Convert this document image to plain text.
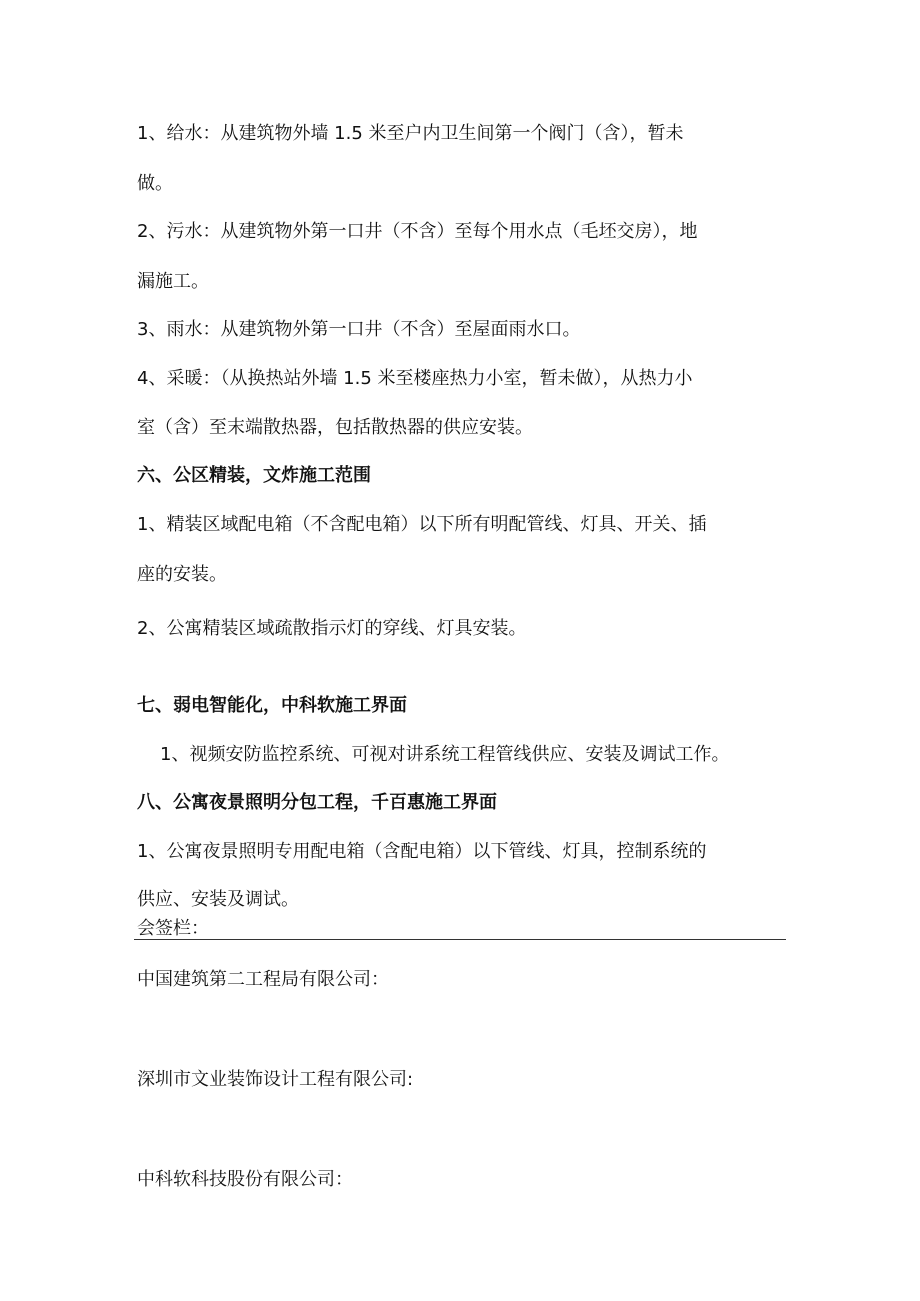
1、给水：从建筑物外墙 1.5 米至户内卫生间第一个阀门（含），暂未
做。
2、污水：从建筑物外第一口井（不含）至每个用水点（毛坯交房），地
漏施工。
3、雨水：从建筑物外第一口井（不含）至屋面雨水口。
4、采暖：（从换热站外墙 1.5 米至楼座热力小室，暂未做），从热力小
室（含）至末端散热器，包括散热器的供应安装。
六、公区精装，文炸施工范围
1、精装区域配电箱（不含配电箱）以下所有明配管线、灯具、开关、插
座的安装。
2、公寓精装区域疏散指示灯的穿线、灯具安装。
七、弱电智能化，中科软施工界面
1、视频安防监控系统、可视对讲系统工程管线供应、安装及调试工作。
八、公寓夜景照明分包工程，千百惠施工界面
1、公寓夜景照明专用配电箱（含配电箱）以下管线、灯具，控制系统的
供应、安装及调试。
会签栏：
中国建筑第二工程局有限公司：
深圳市文业装饰设计工程有限公司:
中科软科技股份有限公司：
